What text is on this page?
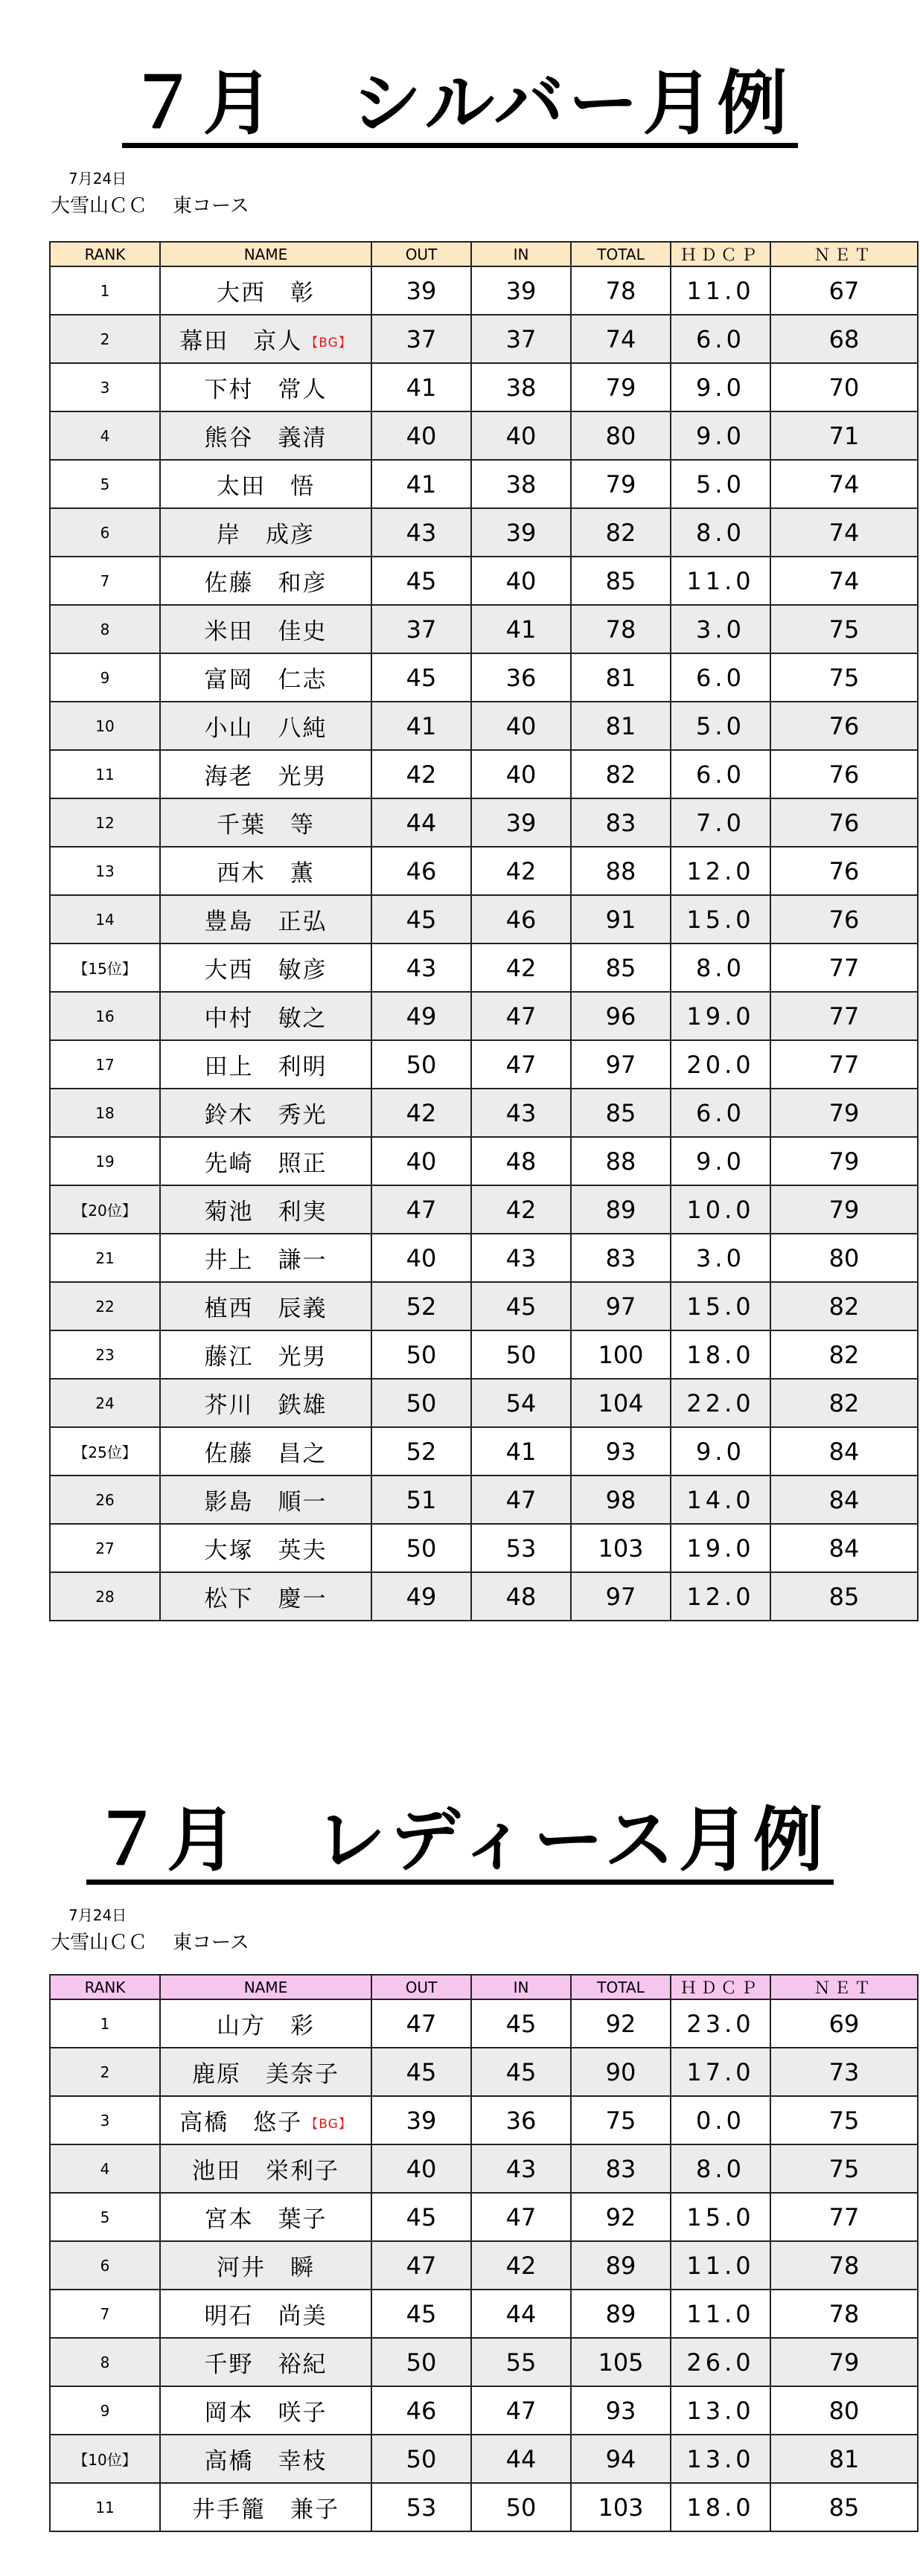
７月　シルバー月例
7月24日
大雪山ＣＣ 東コース
RANK	NAME	OUT	IN	TOTAL	ＨＤＣＰ	ＮＥＴ
1	大西　彰	39	39	78	11.0	67
2	幕田　京人 【BG】	37	37	74	6.0	68
3	下村　常人	41	38	79	9.0	70
4	熊谷　義清	40	40	80	9.0	71
5	太田　悟	41	38	79	5.0	74
6	岸　成彦	43	39	82	8.0	74
7	佐藤　和彦	45	40	85	11.0	74
8	米田　佳史	37	41	78	3.0	75
9	富岡　仁志	45	36	81	6.0	75
10	小山　八純	41	40	81	5.0	76
11	海老　光男	42	40	82	6.0	76
12	千葉　等	44	39	83	7.0	76
13	西木　薫	46	42	88	12.0	76
14	豊島　正弘	45	46	91	15.0	76
【15位】	大西　敏彦	43	42	85	8.0	77
16	中村　敏之	49	47	96	19.0	77
17	田上　利明	50	47	97	20.0	77
18	鈴木　秀光	42	43	85	6.0	79
19	先崎　照正	40	48	88	9.0	79
【20位】	菊池　利実	47	42	89	10.0	79
21	井上　謙一	40	43	83	3.0	80
22	植西　辰義	52	45	97	15.0	82
23	藤江　光男	50	50	100	18.0	82
24	芥川　鉄雄	50	54	104	22.0	82
【25位】	佐藤　昌之	52	41	93	9.0	84
26	影島　順一	51	47	98	14.0	84
27	大塚　英夫	50	53	103	19.0	84
28	松下　慶一	49	48	97	12.0	85
７月　レディース月例
7月24日
大雪山ＣＣ 東コース
RANK	NAME	OUT	IN	TOTAL	ＨＤＣＰ	ＮＥＴ
1	山方　彩	47	45	92	23.0	69
2	鹿原　美奈子	45	45	90	17.0	73
3	高橋　悠子 【BG】	39	36	75	0.0	75
4	池田　栄利子	40	43	83	8.0	75
5	宮本　葉子	45	47	92	15.0	77
6	河井　瞬	47	42	89	11.0	78
7	明石　尚美	45	44	89	11.0	78
8	千野　裕紀	50	55	105	26.0	79
9	岡本　咲子	46	47	93	13.0	80
【10位】	高橋　幸枝	50	44	94	13.0	81
11	井手籠　兼子	53	50	103	18.0	85
